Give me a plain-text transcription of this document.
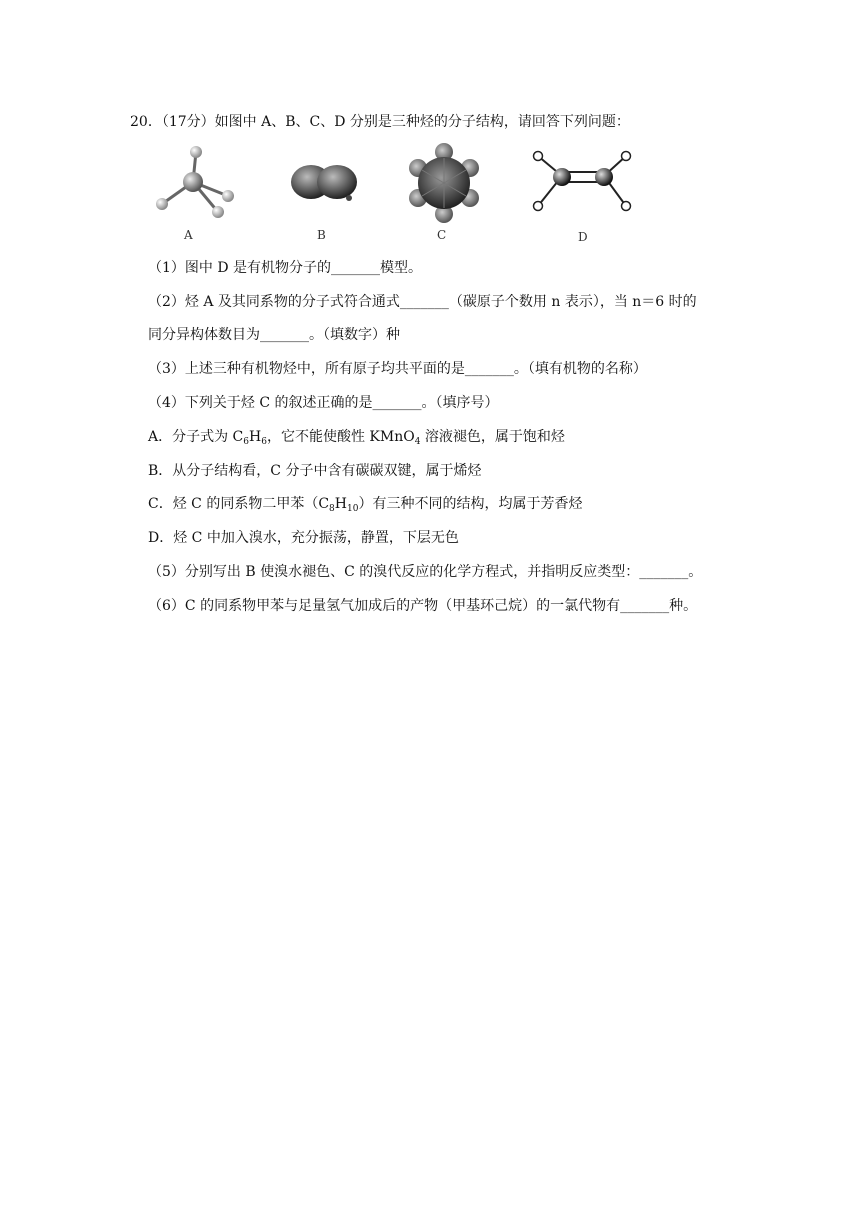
20．（17分）如图中 A、B、C、D 分别是三种烃的分子结构，请回答下列问题：
A	B	C	D
（1）图中 D 是有机物分子的_______模型。
（2）烃 A 及其同系物的分子式符合通式_______（碳原子个数用 n 表示），当 n＝6 时的
同分异构体数目为_______。（填数字）种
（3）上述三种有机物烃中，所有原子均共平面的是_______。（填有机物的名称）
（4）下列关于烃 C 的叙述正确的是_______。（填序号）
A．分子式为 $C_6H_6$，它不能使酸性 KMnO$_4$ 溶液褪色，属于饱和烃
B．从分子结构看，C 分子中含有碳碳双键，属于烯烃
C．烃 C 的同系物二甲苯$(C_8H_{10})$有三种不同的结构，均属于芳香烃
D．烃 C 中加入溴水，充分振荡，静置，下层无色
（5）分别写出 B 使溴水褪色、C 的溴代反应的化学方程式，并指明反应类型：_______。
（6）C 的同系物甲苯与足量氢气加成后的产物（甲基环己烷）的一氯代物有_______种。
